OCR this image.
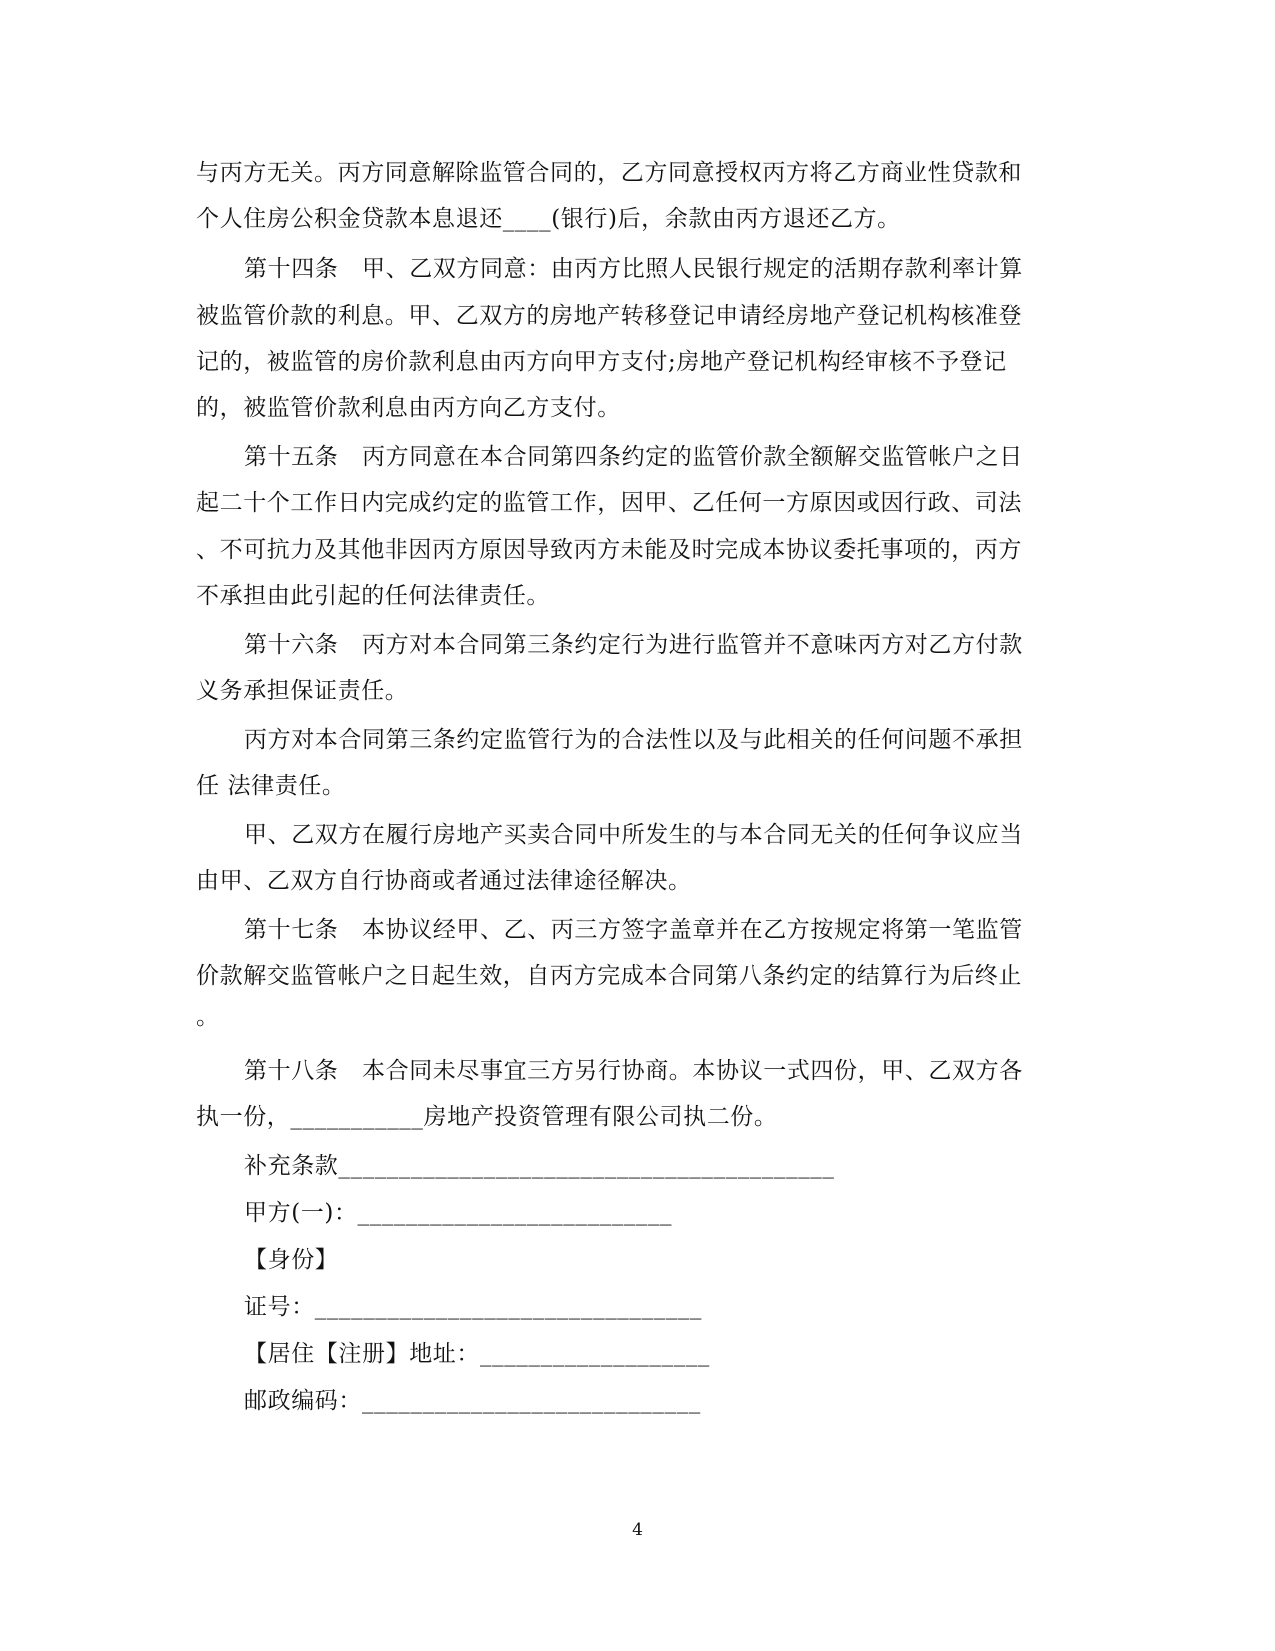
与丙方无关。丙方同意解除监管合同的，乙方同意授权丙方将乙方商业性贷款和
个人住房公积金贷款本息退还____(银行)后，余款由丙方退还乙方。
第十四条　甲、乙双方同意：由丙方比照人民银行规定的活期存款利率计算
被监管价款的利息。甲、乙双方的房地产转移登记申请经房地产登记机构核准登
记的，被监管的房价款利息由丙方向甲方支付;房地产登记机构经审核不予登记
的，被监管价款利息由丙方向乙方支付。
第十五条　丙方同意在本合同第四条约定的监管价款全额解交监管帐户之日
起二十个工作日内完成约定的监管工作，因甲、乙任何一方原因或因行政、司法
、不可抗力及其他非因丙方原因导致丙方未能及时完成本协议委托事项的，丙方
不承担由此引起的任何法律责任。
第十六条　丙方对本合同第三条约定行为进行监管并不意味丙方对乙方付款
义务承担保证责任。
丙方对本合同第三条约定监管行为的合法性以及与此相关的任何问题不承担
任 法律责任。
甲、乙双方在履行房地产买卖合同中所发生的与本合同无关的任何争议应当
由甲、乙双方自行协商或者通过法律途径解决。
第十七条　本协议经甲、乙、丙三方签字盖章并在乙方按规定将第一笔监管
价款解交监管帐户之日起生效，自丙方完成本合同第八条约定的结算行为后终止
。
第十八条　本合同未尽事宜三方另行协商。本协议一式四份，甲、乙双方各
执一份，___________房地产投资管理有限公司执二份。
补充条款_________________________________________
甲方(一)：__________________________
【身份】
证号：________________________________
【居住【注册】地址：___________________
邮政编码：____________________________
4
